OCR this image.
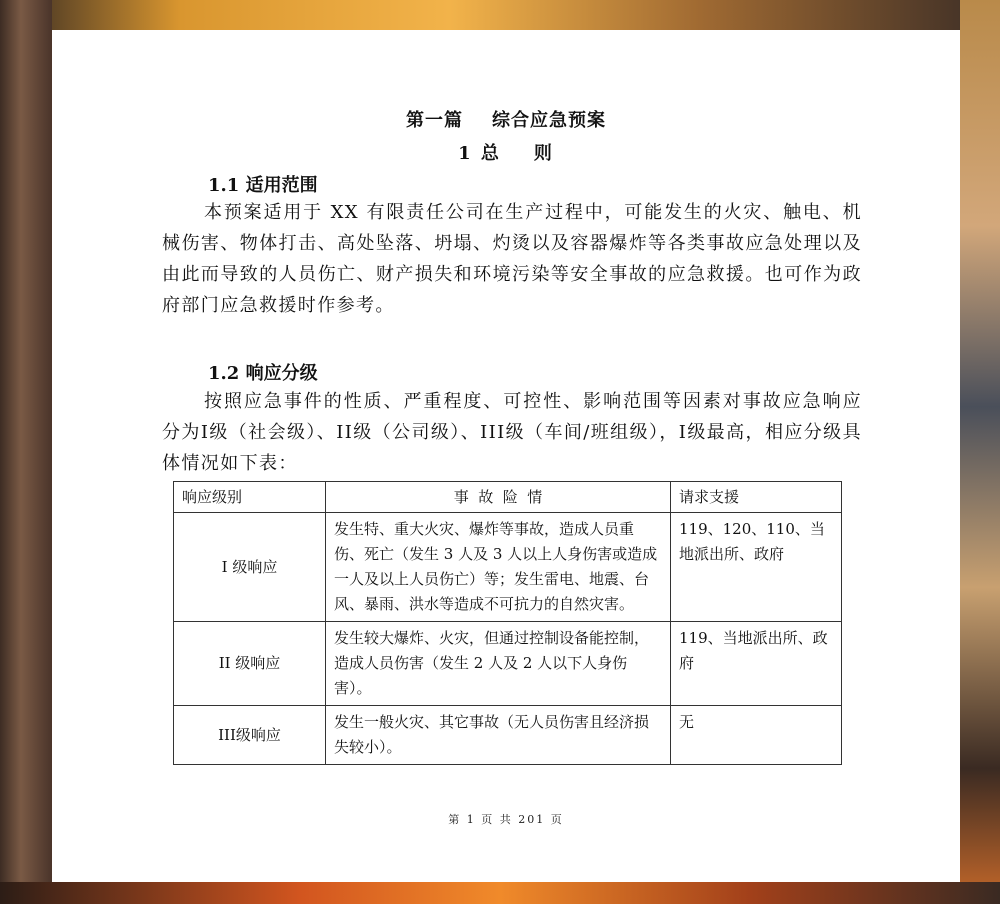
第一篇    综合应急预案
1 总    则
1.1 适用范围

本预案适用于 XX 有限责任公司在生产过程中，可能发生的火灾、触电、机械伤害、物体打击、高处坠落、坍塌、灼烫以及容器爆炸等各类事故应急处理以及由此而导致的人员伤亡、财产损失和环境污染等安全事故的应急救援。也可作为政府部门应急救援时作参考。

1.2 响应分级

按照应急事件的性质、严重程度、可控性、影响范围等因素对事故应急响应分为I级（社会级）、II级（公司级）、III级（车间/班组级），I级最高，相应分级具体情况如下表：

响应级别	事  故  险  情	请求支援
I 级响应	发生特、重大火灾、爆炸等事故，造成人员重伤、死亡（发生 3 人及 3 人以上人身伤害或造成一人及以上人员伤亡）等；发生雷电、地震、台风、暴雨、洪水等造成不可抗力的自然灾害。	119、120、110、当地派出所、政府
II 级响应	发生较大爆炸、火灾，但通过控制设备能控制，造成人员伤害（发生 2 人及 2 人以下人身伤害）。	119、当地派出所、政府
III级响应	发生一般火灾、其它事故（无人员伤害且经济损失较小）。	无
第 1 页 共 201 页
